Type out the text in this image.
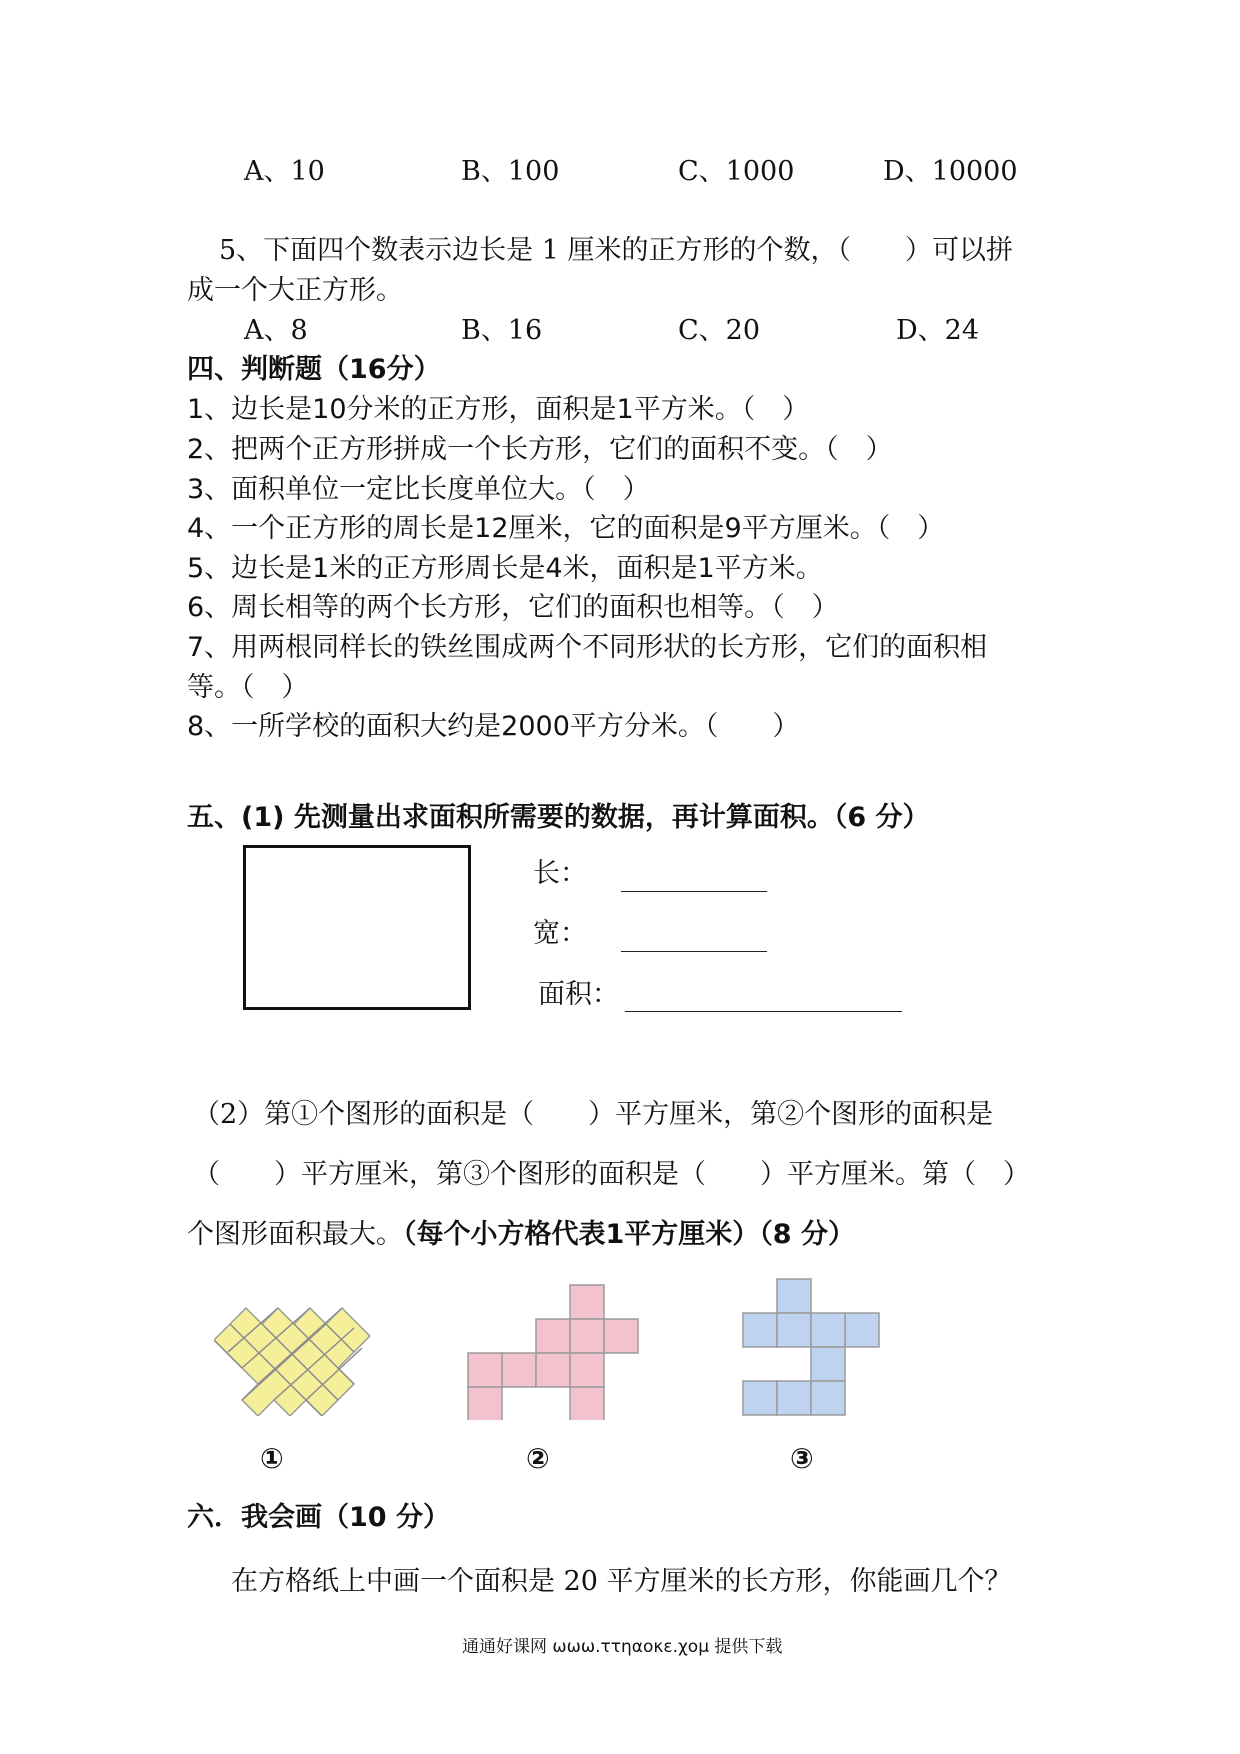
A、10	B、100	C、1000	D、10000
5、下面四个数表示边长是 1 厘米的正方形的个数，（　　）可以拼
成一个大正方形。
A、8	B、16	C、20	D、24
四、判断题（16分）
1、边长是10分米的正方形，面积是1平方米。（　）
2、把两个正方形拼成一个长方形，它们的面积不变。（　）
3、面积单位一定比长度单位大。（　）
4、一个正方形的周长是12厘米，它的面积是9平方厘米。（　）
5、边长是1米的正方形周长是4米，面积是1平方米。
6、周长相等的两个长方形，它们的面积也相等。（　）
7、用两根同样长的铁丝围成两个不同形状的长方形，它们的面积相
等。（　）
8、一所学校的面积大约是2000平方分米。（　　）
五、(1) 先测量出求面积所需要的数据，再计算面积。（6 分）
长：
宽：
面积：
（2）第①个图形的面积是（　　）平方厘米，第②个图形的面积是
（　　）平方厘米，第③个图形的面积是（　　）平方厘米。第（　）
个图形面积最大。（每个小方格代表1平方厘米）（8 分）
①	②	③
六．我会画（10 分）
在方格纸上中画一个面积是 20 平方厘米的长方形，你能画几个？
通通好课网 ωωω.ττηαοκε.χομ 提供下载
